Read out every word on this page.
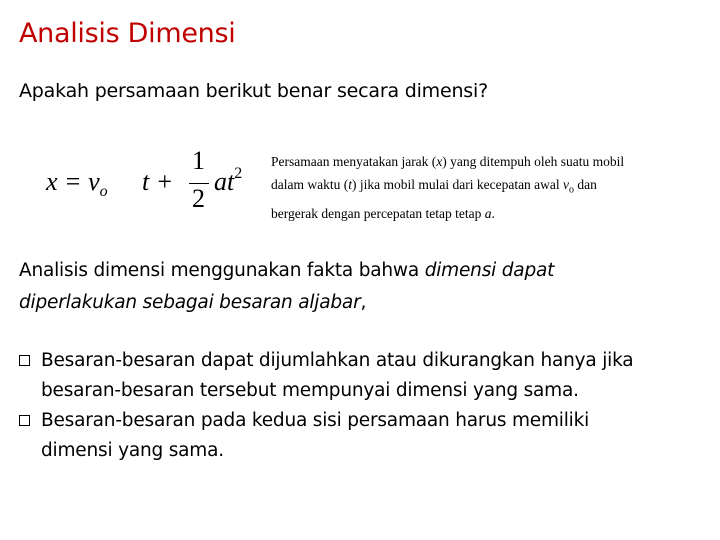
Analisis Dimensi
Apakah persamaan berikut benar secara dimensi?
$x = v_o$ t +
1
2
$at^2$
Persamaan menyatakan jarak (x) yang ditempuh oleh suatu mobil
dalam waktu (t) jika mobil mulai dari kecepatan awal $v_o$ dan
bergerak dengan percepatan tetap tetap a.
Analisis dimensi menggunakan fakta bahwa dimensi dapat
diperlakukan sebagai besaran aljabar,
Besaran-besaran dapat dijumlahkan atau dikurangkan hanya jika
besaran-besaran tersebut mempunyai dimensi yang sama.
Besaran-besaran pada kedua sisi persamaan harus memiliki
dimensi yang sama.
